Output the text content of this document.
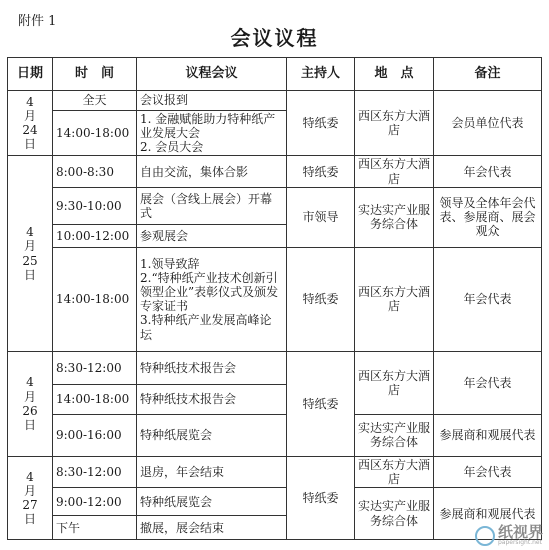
附件 1
会议议程
日期	时　间	议程会议	主持人	地　点	备注

4
月
24
日	全天	会议报到	特纸委	西区东方大酒店	会员单位代表
	14:00-18:00	1. 金融赋能助力特种纸产业发展大会
2. 会员大会			

4
月
25
日	8:00-8:30	自由交流，集体合影	特纸委	西区东方大酒店	年会代表
	9:30-10:00	展会（含线上展会）开幕式	市领导	实达实产业服务综合体	领导及全体年会代表、参展商、展会观众
	10:00-12:00	参观展会			
	14:00-18:00	1.领导致辞
2.“特种纸产业技术创新引领型企业”表彰仪式及颁发专家证书
3.特种纸产业发展高峰论坛	特纸委	西区东方大酒店	年会代表

4
月
26
日	8:30-12:00	特种纸技术报告会	特纸委	西区东方大酒店	年会代表
	14:00-18:00	特种纸技术报告会			
	9:00-16:00	特种纸展览会		实达实产业服务综合体	参展商和观展代表

4
月
27
日	8:30-12:00	退房，年会结束	特纸委	西区东方大酒店	年会代表
	9:00-12:00	特种纸展览会		实达实产业服务综合体	参展商和观展代表
	下午	撤展，展会结束				纸视界
papersight.net
